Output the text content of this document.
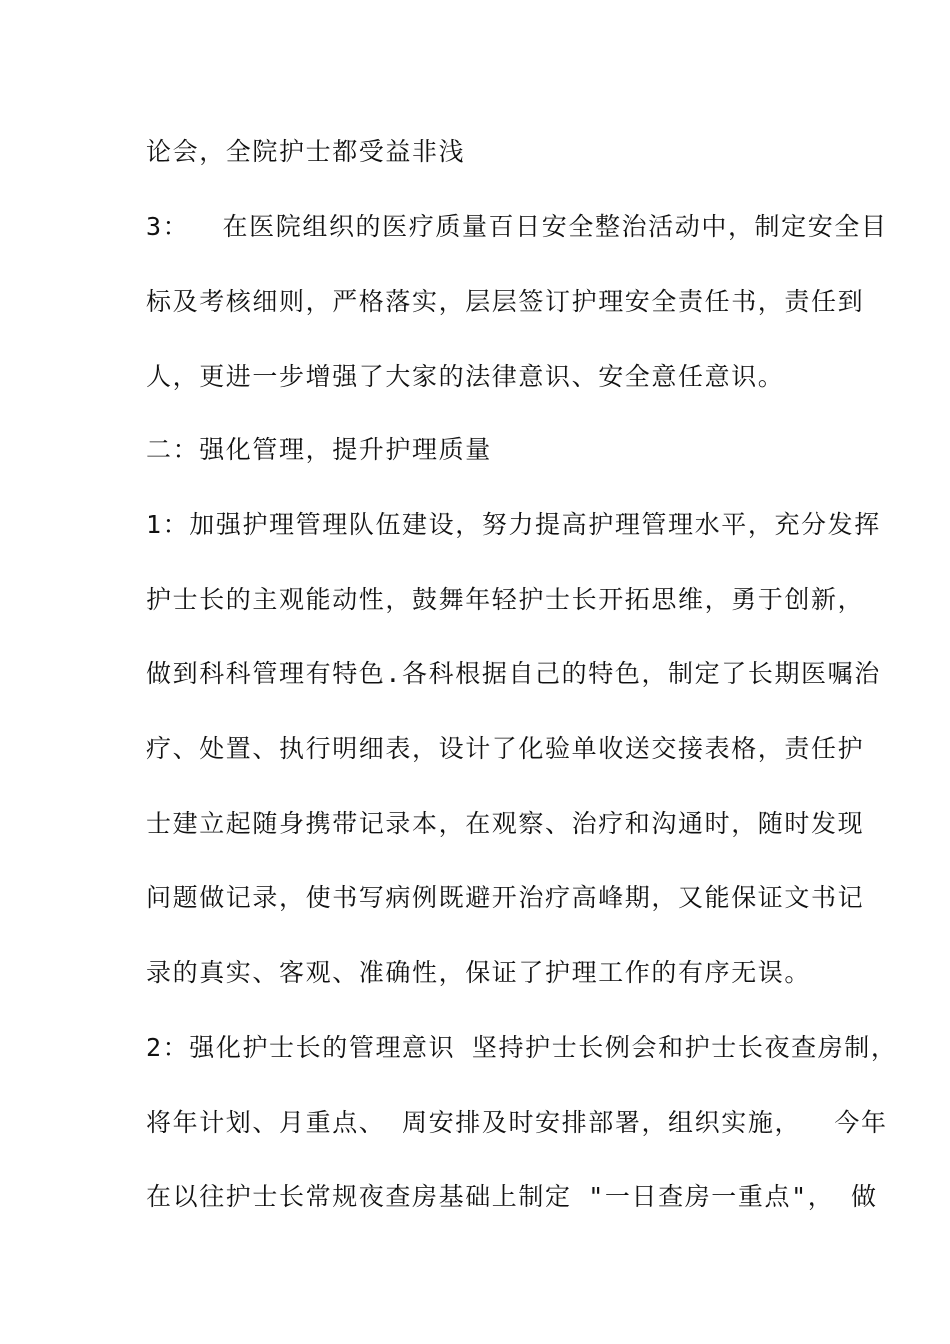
论会，全院护士都受益非浅
3：  在医院组织的医疗质量百日安全整治活动中，制定安全目
标及考核细则，严格落实，层层签订护理安全责任书，责任到
人，更进一步增强了大家的法律意识、安全意任意识。
二：强化管理，提升护理质量
1：加强护理管理队伍建设，努力提高护理管理水平，充分发挥
护士长的主观能动性，鼓舞年轻护士长开拓思维，勇于创新，
做到科科管理有特色.各科根据自己的特色，制定了长期医嘱治
疗、处置、执行明细表，设计了化验单收送交接表格，责任护
士建立起随身携带记录本，在观察、治疗和沟通时，随时发现
问题做记录，使书写病例既避开治疗高峰期，又能保证文书记
录的真实、客观、准确性，保证了护理工作的有序无误。
2：强化护士长的管理意识 坚持护士长例会和护士长夜查房制，
将年计划、月重点、 周安排及时安排部署，组织实施，  今年
在以往护士长常规夜查房基础上制定 "一日查房一重点"， 做
